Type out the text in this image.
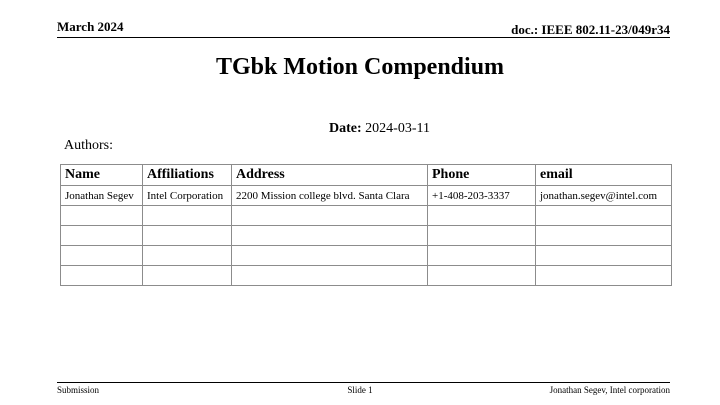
March 2024	doc.: IEEE 802.11-23/049r34
TGbk Motion Compendium
Date: 2024-03-11
Authors:
Name	Affiliations	Address	Phone	email
Jonathan Segev	Intel Corporation	2200 Mission college blvd. Santa Clara	+1-408-203-3337	jonathan.segev@intel.com

Submission	Slide 1	Jonathan Segev, Intel corporation
